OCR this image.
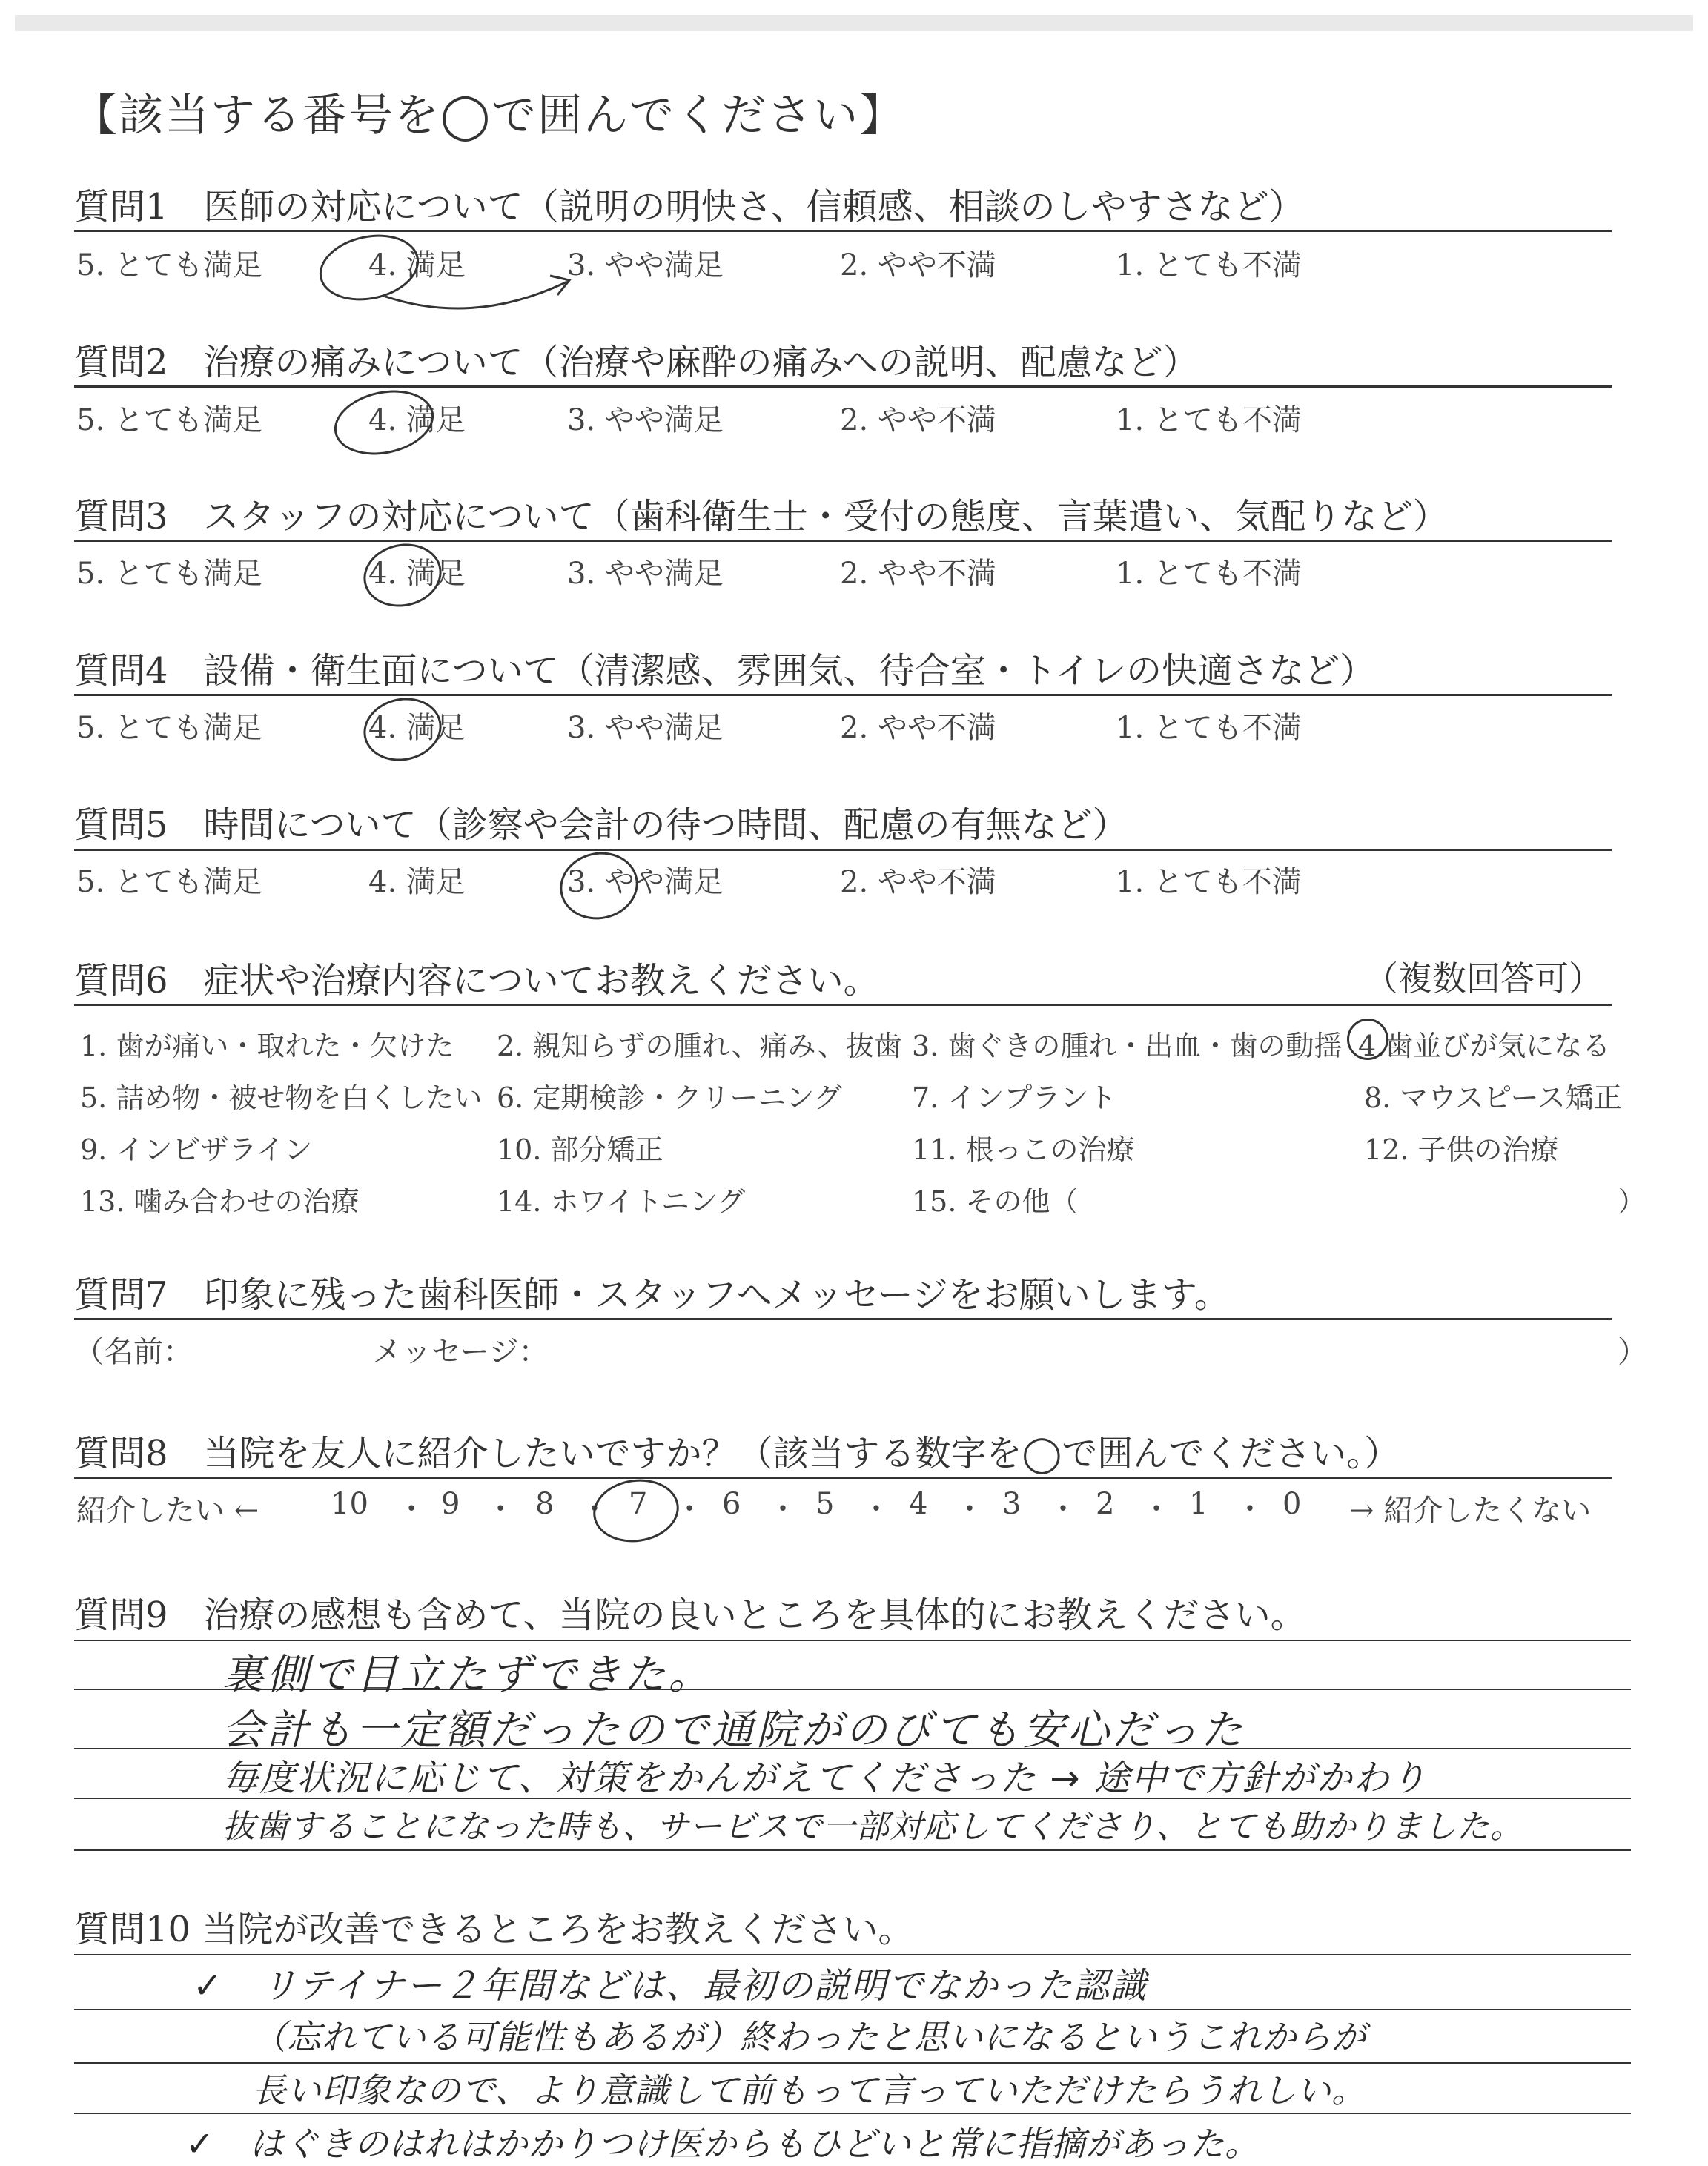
【該当する番号を◯で囲んでください】
質問1　医師の対応について（説明の明快さ、信頼感、相談のしやすさなど）
5. とても満足	4. 満足	3. やや満足	2. やや不満	1. とても不満
質問2　治療の痛みについて（治療や麻酔の痛みへの説明、配慮など）
5. とても満足	4. 満足	3. やや満足	2. やや不満	1. とても不満
質問3　スタッフの対応について（歯科衛生士・受付の態度、言葉遣い、気配りなど）
5. とても満足	4. 満足	3. やや満足	2. やや不満	1. とても不満
質問4　設備・衛生面について（清潔感、雰囲気、待合室・トイレの快適さなど）
5. とても満足	4. 満足	3. やや満足	2. やや不満	1. とても不満
質問5　時間について（診察や会計の待つ時間、配慮の有無など）
5. とても満足	4. 満足	3. やや満足	2. やや不満	1. とても不満
質問6　症状や治療内容についてお教えください。	（複数回答可）
1. 歯が痛い・取れた・欠けた 2. 親知らずの腫れ、痛み、抜歯 3. 歯ぐきの腫れ・出血・歯の動揺 4.歯並びが気になる
5. 詰め物・被せ物を白くしたい 6. 定期検診・クリーニング 7. インプラント	8. マウスピース矯正
9. インビザライン	10. 部分矯正	11. 根っこの治療	12. 子供の治療
13. 噛み合わせの治療	14. ホワイトニング	15. その他（	）
質問7　印象に残った歯科医師・スタッフへメッセージをお願いします。
（名前：	メッセージ：	）
質問8　当院を友人に紹介したいですか？（該当する数字を◯で囲んでください。）
紹介したい ←	→ 紹介したくない
10 9	8	7	6	5	4	3	2	1	0
・ ・ ・ ・ ・ ・ ・ ・ ・ ・
質問9　治療の感想も含めて、当院の良いところを具体的にお教えください。
裏側で目立たずできた。
会計も一定額だったので通院がのびても安心だった
毎度状況に応じて、対策をかんがえてくださった → 途中で方針がかわり
抜歯することになった時も、サービスで一部対応してくださり、とても助かりました。
質問10 当院が改善できるところをお教えください。
✓　リテイナー２年間などは、最初の説明でなかった認識
（忘れている可能性もあるが）終わったと思いになるというこれからが
長い印象なので、より意識して前もって言っていただけたらうれしい。
✓　はぐきのはれはかかりつけ医からもひどいと常に指摘があった。
